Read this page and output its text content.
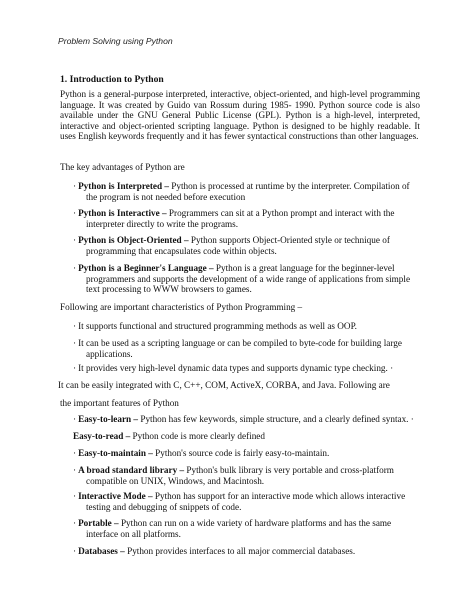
Problem Solving using Python
1. Introduction to Python
Python is a general-purpose interpreted, interactive, object-oriented, and high-level programming language. It was created by Guido van Rossum during 1985- 1990. Python source code is also available under the GNU General Public License (GPL). Python is a high-level, interpreted, interactive and object-oriented scripting language. Python is designed to be highly readable. It uses English keywords frequently and it has fewer syntactical constructions than other languages.
The key advantages of Python are
· Python is Interpreted – Python is processed at runtime by the interpreter. Compilation of
the program is not needed before execution
· Python is Interactive – Programmers can sit at a Python prompt and interact with the
interpreter directly to write the programs.
· Python is Object-Oriented – Python supports Object-Oriented style or technique of
programming that encapsulates code within objects.
· Python is a Beginner's Language – Python is a great language for the beginner-level
programmers and supports the development of a wide range of applications from simple
text processing to WWW browsers to games.
Following are important characteristics of Python Programming –
· It supports functional and structured programming methods as well as OOP.
· It can be used as a scripting language or can be compiled to byte-code for building large
applications.
· It provides very high-level dynamic data types and supports dynamic type checking. ·
It can be easily integrated with C, C++, COM, ActiveX, CORBA, and Java. Following are
the important features of Python
· Easy-to-learn – Python has few keywords, simple structure, and a clearly defined syntax. ·
Easy-to-read – Python code is more clearly defined
· Easy-to-maintain – Python's source code is fairly easy-to-maintain.
· A broad standard library – Python's bulk library is very portable and cross-platform
compatible on UNIX, Windows, and Macintosh.
· Interactive Mode – Python has support for an interactive mode which allows interactive
testing and debugging of snippets of code.
· Portable – Python can run on a wide variety of hardware platforms and has the same
interface on all platforms.
· Databases – Python provides interfaces to all major commercial databases.
